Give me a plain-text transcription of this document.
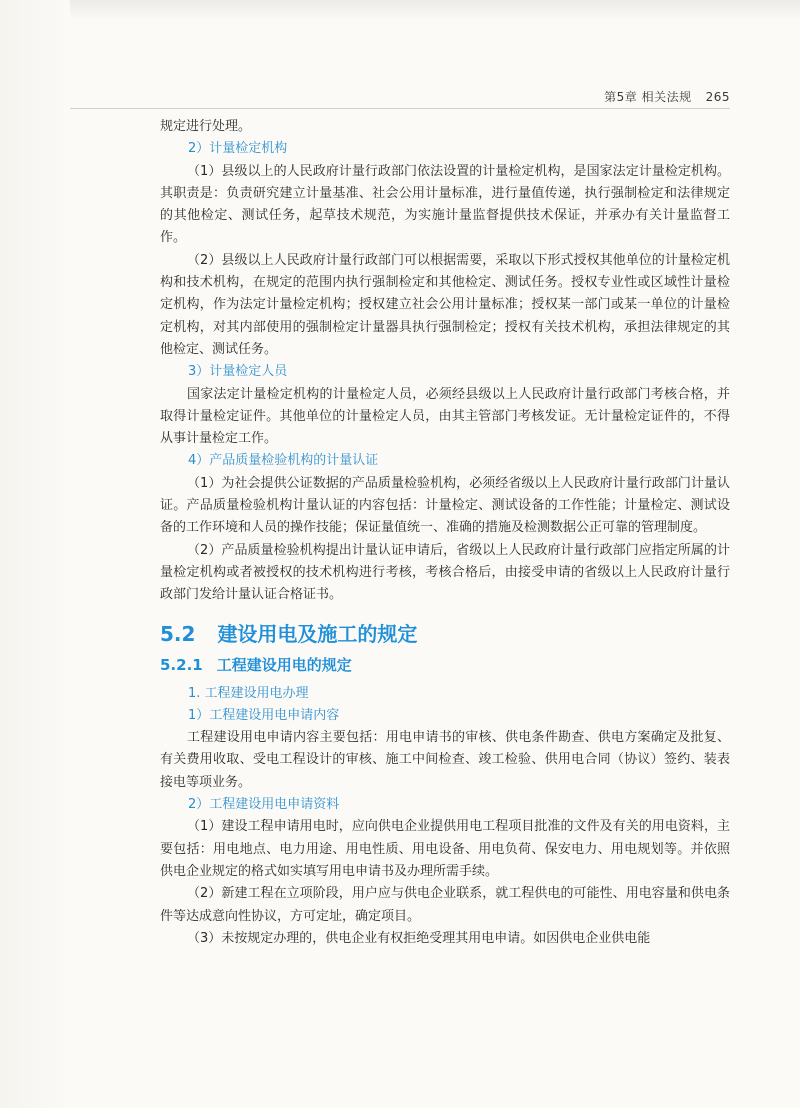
第5章 相关法规 265

规定进行处理。

2）计量检定机构

（1）县级以上的人民政府计量行政部门依法设置的计量检定机构，是国家法定计量检定机构。其职责是：负责研究建立计量基准、社会公用计量标准，进行量值传递，执行强制检定和法律规定的其他检定、测试任务，起草技术规范，为实施计量监督提供技术保证，并承办有关计量监督工作。

（2）县级以上人民政府计量行政部门可以根据需要，采取以下形式授权其他单位的计量检定机构和技术机构，在规定的范围内执行强制检定和其他检定、测试任务。授权专业性或区域性计量检定机构，作为法定计量检定机构；授权建立社会公用计量标准；授权某一部门或某一单位的计量检定机构，对其内部使用的强制检定计量器具执行强制检定；授权有关技术机构，承担法律规定的其他检定、测试任务。

3）计量检定人员

国家法定计量检定机构的计量检定人员，必须经县级以上人民政府计量行政部门考核合格，并取得计量检定证件。其他单位的计量检定人员，由其主管部门考核发证。无计量检定证件的，不得从事计量检定工作。

4）产品质量检验机构的计量认证

（1）为社会提供公证数据的产品质量检验机构，必须经省级以上人民政府计量行政部门计量认证。产品质量检验机构计量认证的内容包括：计量检定、测试设备的工作性能；计量检定、测试设备的工作环境和人员的操作技能；保证量值统一、准确的措施及检测数据公正可靠的管理制度。

（2）产品质量检验机构提出计量认证申请后，省级以上人民政府计量行政部门应指定所属的计量检定机构或者被授权的技术机构进行考核，考核合格后，由接受申请的省级以上人民政府计量行政部门发给计量认证合格证书。

5.2 建设用电及施工的规定
5.2.1 工程建设用电的规定

1. 工程建设用电办理

1）工程建设用电申请内容

工程建设用电申请内容主要包括：用电申请书的审核、供电条件勘查、供电方案确定及批复、有关费用收取、受电工程设计的审核、施工中间检查、竣工检验、供用电合同（协议）签约、装表接电等项业务。

2）工程建设用电申请资料

（1）建设工程申请用电时，应向供电企业提供用电工程项目批准的文件及有关的用电资料，主要包括：用电地点、电力用途、用电性质、用电设备、用电负荷、保安电力、用电规划等。并依照供电企业规定的格式如实填写用电申请书及办理所需手续。

（2）新建工程在立项阶段，用户应与供电企业联系，就工程供电的可能性、用电容量和供电条件等达成意向性协议，方可定址，确定项目。

（3）未按规定办理的，供电企业有权拒绝受理其用电申请。如因供电企业供电能
